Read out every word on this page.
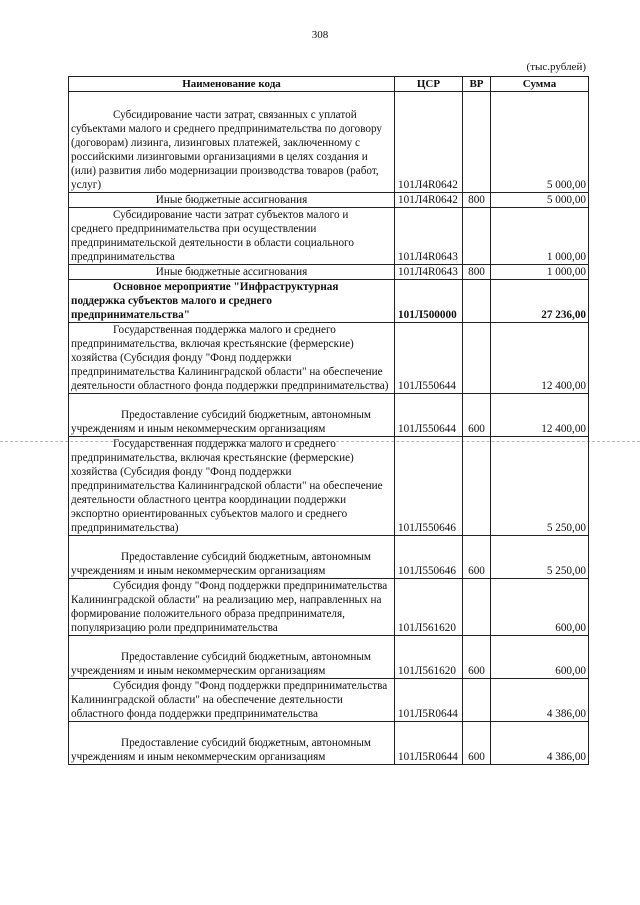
308
(тыс.рублей)
Наименование кода	ЦСР	ВР	Сумма
Субсидирование части затрат, связанных с уплатой субъектами малого и среднего предпринимательства по договору (договорам) лизинга, лизинговых платежей, заключенному с российскими лизинговыми организациями в целях создания и (или) развития либо модернизации производства товаров (работ, услуг)	101Л4R0642		5 000,00
Иные бюджетные ассигнования	101Л4R0642	800	5 000,00
Субсидирование части затрат субъектов малого и среднего предпринимательства при осуществлении предпринимательской деятельности в области социального предпринимательства	101Л4R0643		1 000,00
Иные бюджетные ассигнования	101Л4R0643	800	1 000,00
Основное мероприятие "Инфраструктурная поддержка субъектов малого и среднего предпринимательства"	101Л500000		27 236,00
Государственная поддержка малого и среднего предпринимательства, включая крестьянские (фермерские) хозяйства (Субсидия фонду "Фонд поддержки предпринимательства Калининградской области" на обеспечение деятельности областного фонда поддержки предпринимательства)	101Л550644		12 400,00
Предоставление субсидий бюджетным, автономным учреждениям и иным некоммерческим организациям	101Л550644	600	12 400,00
Государственная поддержка малого и среднего предпринимательства, включая крестьянские (фермерские) хозяйства (Субсидия фонду "Фонд поддержки предпринимательства Калининградской области" на обеспечение деятельности областного центра координации поддержки экспортно ориентированных субъектов малого и среднего предпринимательства)	101Л550646		5 250,00
Предоставление субсидий бюджетным, автономным учреждениям и иным некоммерческим организациям	101Л550646	600	5 250,00
Субсидия фонду "Фонд поддержки предпринимательства Калининградской области" на реализацию мер, направленных на формирование положительного образа предпринимателя, популяризацию роли предпринимательства	101Л561620		600,00
Предоставление субсидий бюджетным, автономным учреждениям и иным некоммерческим организациям	101Л561620	600	600,00
Субсидия фонду "Фонд поддержки предпринимательства Калининградской области" на обеспечение деятельности областного фонда поддержки предпринимательства	101Л5R0644		4 386,00
Предоставление субсидий бюджетным, автономным учреждениям и иным некоммерческим организациям	101Л5R0644	600	4 386,00
